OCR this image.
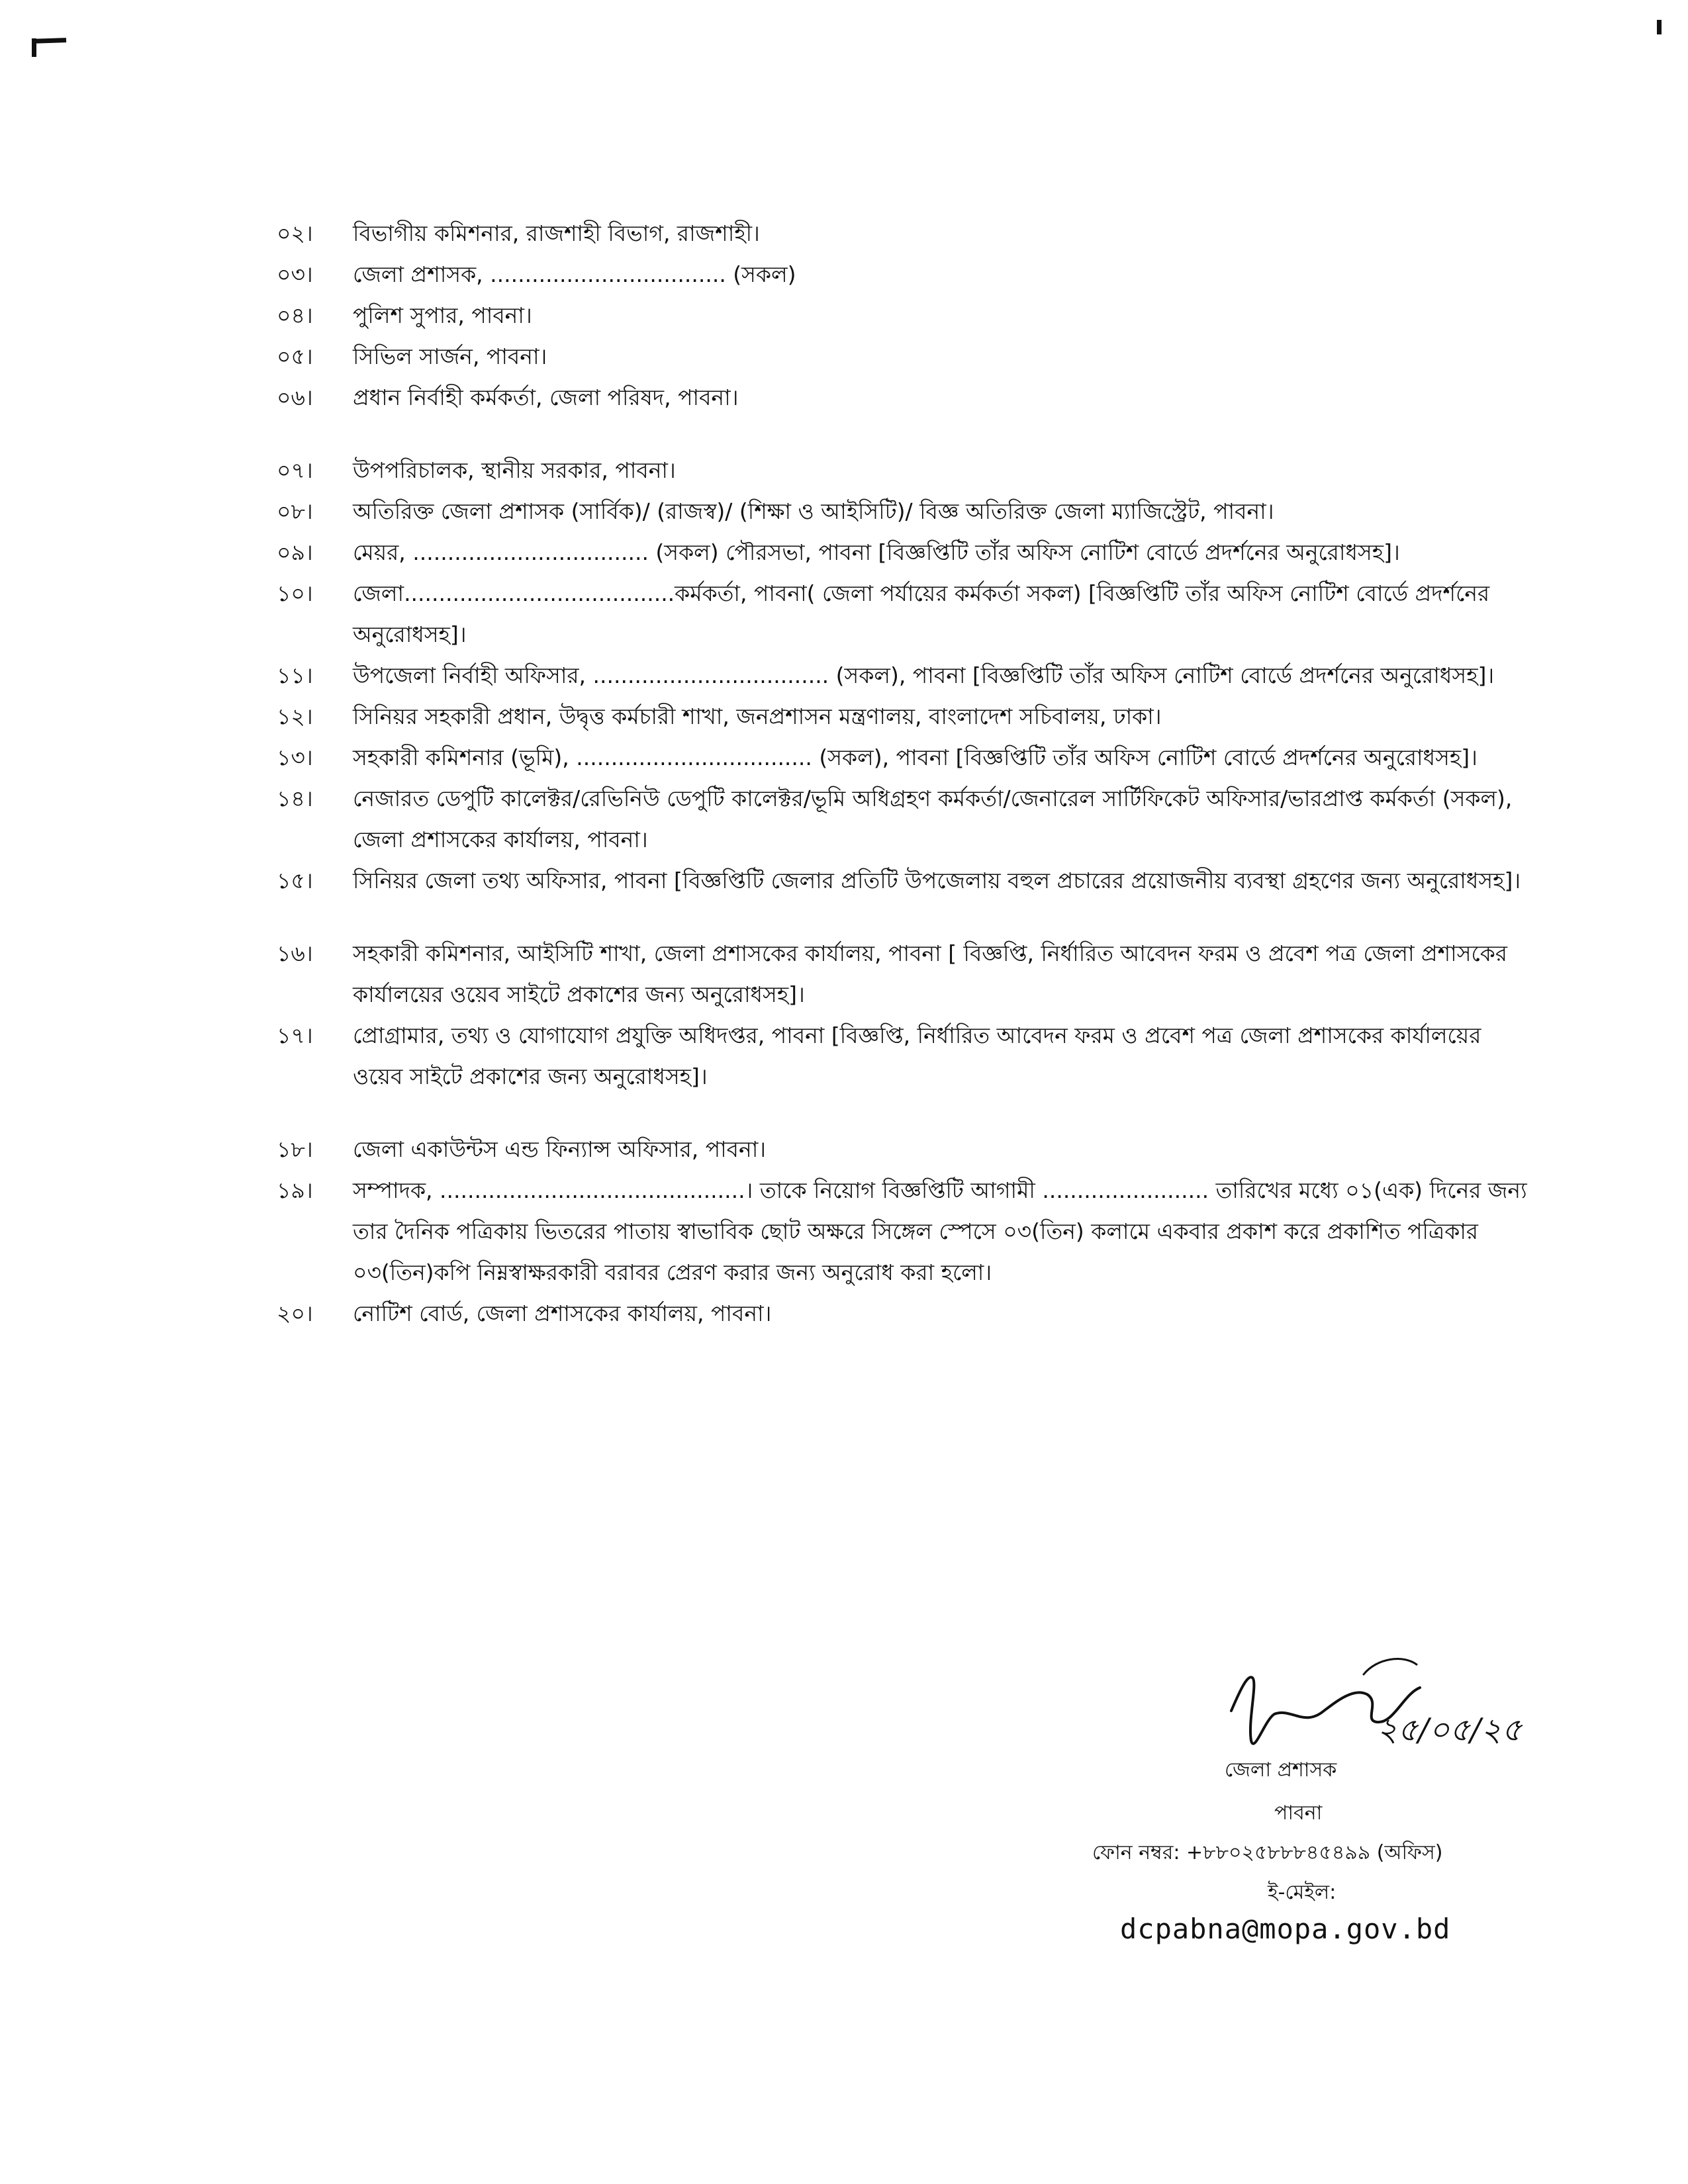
০২।	বিভাগীয় কমিশনার, রাজশাহী বিভাগ, রাজশাহী।
০৩।	জেলা প্রশাসক, .................................. (সকল)
০৪।	পুলিশ সুপার, পাবনা।
০৫।	সিভিল সার্জন, পাবনা।
০৬।	প্রধান নির্বাহী কর্মকর্তা, জেলা পরিষদ, পাবনা।
০৭।	উপপরিচালক, স্থানীয় সরকার, পাবনা।
০৮।	অতিরিক্ত জেলা প্রশাসক (সার্বিক)/ (রাজস্ব)/ (শিক্ষা ও আইসিটি)/ বিজ্ঞ অতিরিক্ত জেলা ম্যাজিস্ট্রেট, পাবনা।
০৯।	মেয়র, .................................. (সকল) পৌরসভা, পাবনা [বিজ্ঞপ্তিটি তাঁর অফিস নোটিশ বোর্ডে প্রদর্শনের অনুরোধসহ]।
১০।	জেলা.......................................কর্মকর্তা, পাবনা( জেলা পর্যায়ের কর্মকর্তা সকল) [বিজ্ঞপ্তিটি তাঁর অফিস নোটিশ বোর্ডে প্রদর্শনের অনুরোধসহ]।
১১।	উপজেলা নির্বাহী অফিসার, .................................. (সকল), পাবনা [বিজ্ঞপ্তিটি তাঁর অফিস নোটিশ বোর্ডে প্রদর্শনের অনুরোধসহ]।
১২।	সিনিয়র সহকারী প্রধান, উদ্বৃত্ত কর্মচারী শাখা, জনপ্রশাসন মন্ত্রণালয়, বাংলাদেশ সচিবালয়, ঢাকা।
১৩।	সহকারী কমিশনার (ভূমি), .................................. (সকল), পাবনা [বিজ্ঞপ্তিটি তাঁর অফিস নোটিশ বোর্ডে প্রদর্শনের অনুরোধসহ]।
১৪।	নেজারত ডেপুটি কালেক্টর/রেভিনিউ ডেপুটি কালেক্টর/ভূমি অধিগ্রহণ কর্মকর্তা/জেনারেল সার্টিফিকেট অফিসার/ভারপ্রাপ্ত কর্মকর্তা (সকল), জেলা প্রশাসকের কার্যালয়, পাবনা।
১৫।	সিনিয়র জেলা তথ্য অফিসার, পাবনা [বিজ্ঞপ্তিটি জেলার প্রতিটি উপজেলায় বহুল প্রচারের প্রয়োজনীয় ব্যবস্থা গ্রহণের জন্য অনুরোধসহ]।
১৬।	সহকারী কমিশনার, আইসিটি শাখা, জেলা প্রশাসকের কার্যালয়, পাবনা [ বিজ্ঞপ্তি, নির্ধারিত আবেদন ফরম ও প্রবেশ পত্র জেলা প্রশাসকের কার্যালয়ের ওয়েব সাইটে প্রকাশের জন্য অনুরোধসহ]।
১৭।	প্রোগ্রামার, তথ্য ও যোগাযোগ প্রযুক্তি অধিদপ্তর, পাবনা [বিজ্ঞপ্তি, নির্ধারিত আবেদন ফরম ও প্রবেশ পত্র জেলা প্রশাসকের কার্যালয়ের ওয়েব সাইটে প্রকাশের জন্য অনুরোধসহ]।
১৮।	জেলা একাউন্টস এন্ড ফিন্যান্স অফিসার, পাবনা।
১৯।	সম্পাদক, ............................................। তাকে নিয়োগ বিজ্ঞপ্তিটি আগামী ........................ তারিখের মধ্যে ০১(এক) দিনের জন্য তার দৈনিক পত্রিকায় ভিতরের পাতায় স্বাভাবিক ছোট অক্ষরে সিঙ্গেল স্পেসে ০৩(তিন) কলামে একবার প্রকাশ করে প্রকাশিত পত্রিকার ০৩(তিন)কপি নিম্নস্বাক্ষরকারী বরাবর প্রেরণ করার জন্য অনুরোধ করা হলো।
২০।	নোটিশ বোর্ড, জেলা প্রশাসকের কার্যালয়, পাবনা।
২৫/০৫/২৫
জেলা প্রশাসক
পাবনা
ফোন নম্বর: +৮৮০২৫৮৮৮৪৫৪৯৯ (অফিস)
ই-মেইল:
dcpabna@mopa.gov.bd
